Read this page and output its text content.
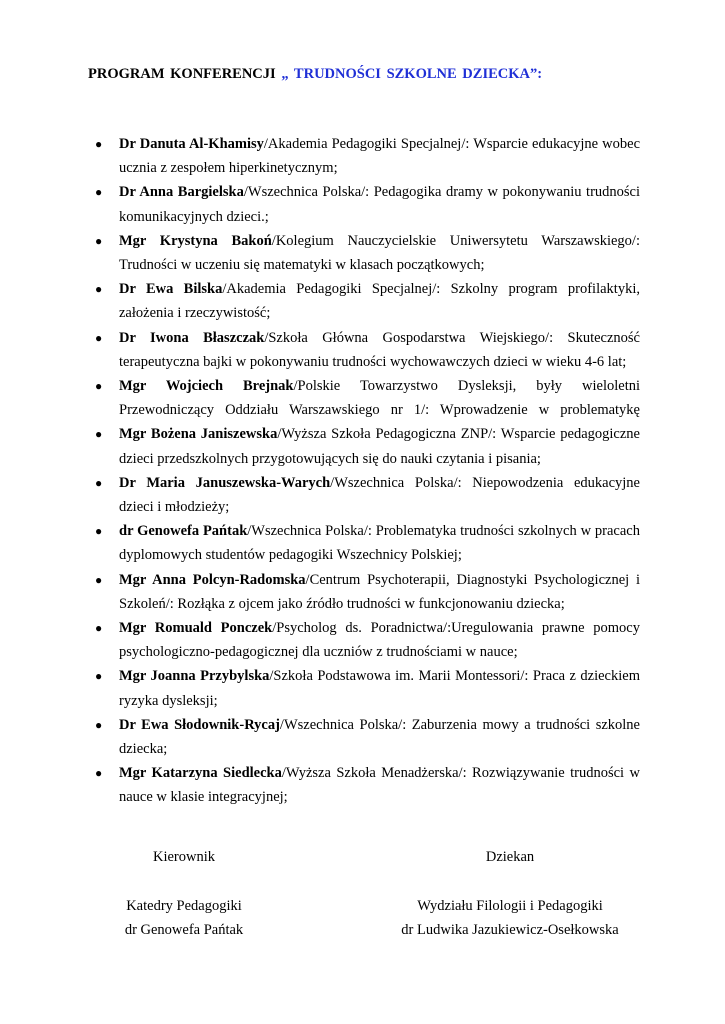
PROGRAM KONFERENCJI „ TRUDNOŚCI SZKOLNE DZIECKA”:
● Dr Danuta Al-Khamisy/Akademia Pedagogiki Specjalnej/: Wsparcie edukacyjne wobec ucznia z zespołem hiperkinetycznym;
● Dr Anna Bargielska/Wszechnica Polska/: Pedagogika dramy w pokonywaniu trudności komunikacyjnych dzieci.;
● Mgr Krystyna Bakoń/Kolegium Nauczycielskie Uniwersytetu Warszawskiego/: Trudności w uczeniu się matematyki w klasach początkowych;
● Dr Ewa Bilska/Akademia Pedagogiki Specjalnej/: Szkolny program profilaktyki, założenia i rzeczywistość;
● Dr Iwona Błaszczak/Szkoła Główna Gospodarstwa Wiejskiego/: Skuteczność terapeutyczna bajki w pokonywaniu trudności wychowawczych dzieci w wieku 4-6 lat;
● Mgr Wojciech Brejnak/Polskie Towarzystwo Dysleksji, były wieloletni Przewodniczący Oddziału Warszawskiego nr 1/: Wprowadzenie w problematykę
● Mgr Bożena Janiszewska/Wyższa Szkoła Pedagogiczna ZNP/: Wsparcie pedagogiczne dzieci przedszkolnych przygotowujących się do nauki czytania i pisania;
● Dr Maria Januszewska-Warych/Wszechnica Polska/: Niepowodzenia edukacyjne dzieci i młodzieży;
● dr Genowefa Pańtak/Wszechnica Polska/: Problematyka trudności szkolnych w pracach dyplomowych studentów pedagogiki Wszechnicy Polskiej;
● Mgr Anna Polcyn-Radomska/Centrum Psychoterapii, Diagnostyki Psychologicznej i Szkoleń/: Rozłąka z ojcem jako źródło trudności w funkcjonowaniu dziecka;
● Mgr Romuald Ponczek/Psycholog ds. Poradnictwa/:Uregulowania prawne pomocy psychologiczno-pedagogicznej dla uczniów z trudnościami w nauce;
● Mgr Joanna Przybylska/Szkoła Podstawowa im. Marii Montessori/: Praca z dzieckiem ryzyka dysleksji;
● Dr Ewa Słodownik-Rycaj/Wszechnica Polska/: Zaburzenia mowy a trudności szkolne dziecka;
● Mgr Katarzyna Siedlecka/Wyższa Szkoła Menadżerska/: Rozwiązywanie trudności w nauce w klasie integracyjnej;
Kierownik
Katedry Pedagogiki
dr Genowefa Pańtak
Dziekan
Wydziału Filologii i Pedagogiki
dr Ludwika Jazukiewicz-Osełkowska
